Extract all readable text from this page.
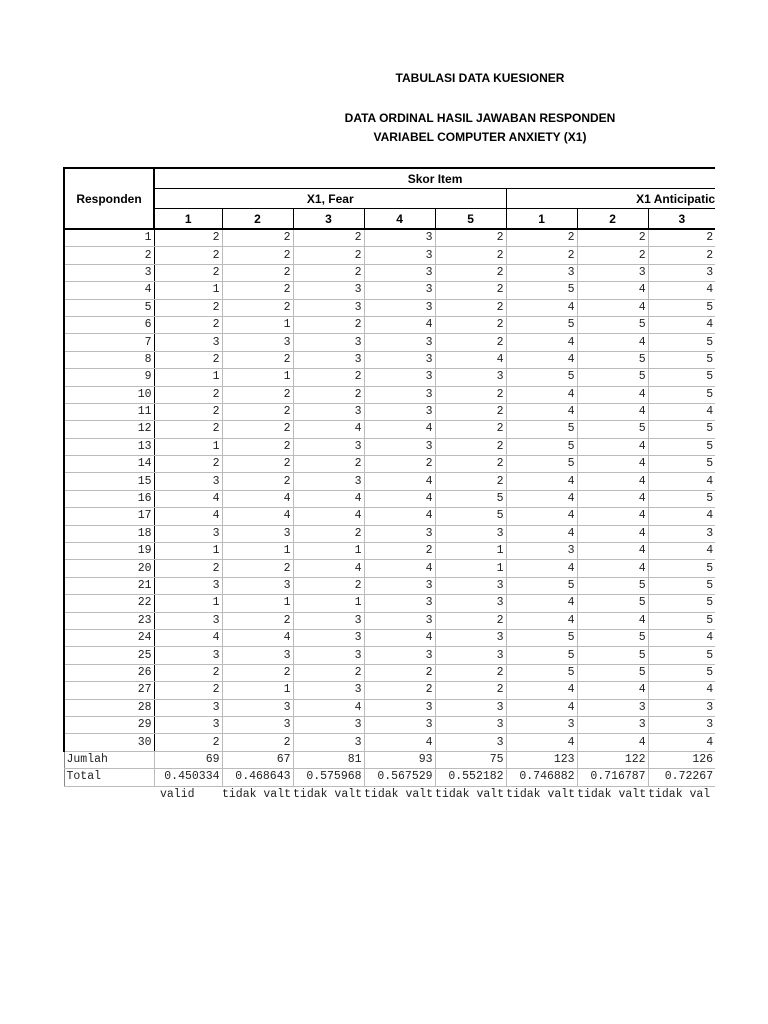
TABULASI DATA KUESIONER
DATA ORDINAL HASIL JAWABAN RESPONDEN
VARIABEL COMPUTER ANXIETY (X1)
Responden	Skor Item							
	X1, Fear					X1 Anticipatic		
	1	2	3	4	5	1	2	3
1	2	2	2	3	2	2	2	2
2	2	2	2	3	2	2	2	2
3	2	2	2	3	2	3	3	3
4	1	2	3	3	2	5	4	4
5	2	2	3	3	2	4	4	5
6	2	1	2	4	2	5	5	4
7	3	3	3	3	2	4	4	5
8	2	2	3	3	4	4	5	5
9	1	1	2	3	3	5	5	5
10	2	2	2	3	2	4	4	5
11	2	2	3	3	2	4	4	4
12	2	2	4	4	2	5	5	5
13	1	2	3	3	2	5	4	5
14	2	2	2	2	2	5	4	5
15	3	2	3	4	2	4	4	4
16	4	4	4	4	5	4	4	5
17	4	4	4	4	5	4	4	4
18	3	3	2	3	3	4	4	3
19	1	1	1	2	1	3	4	4
20	2	2	4	4	1	4	4	5
21	3	3	2	3	3	5	5	5
22	1	1	1	3	3	4	5	5
23	3	2	3	3	2	4	4	5
24	4	4	3	4	3	5	5	4
25	3	3	3	3	3	5	5	5
26	2	2	2	2	2	5	5	5
27	2	1	3	2	2	4	4	4
28	3	3	4	3	3	4	3	3
29	3	3	3	3	3	3	3	3
30	2	2	3	4	3	4	4	4
Jumlah	69	67	81	93	75	123	122	126
Total	0.450334	0.468643	0.575968	0.567529	0.552182	0.746882	0.716787	0.72267
	valid	tidak valt	tidak valt	tidak valt	tidak valt	tidak valt	tidak valt	tidak val
